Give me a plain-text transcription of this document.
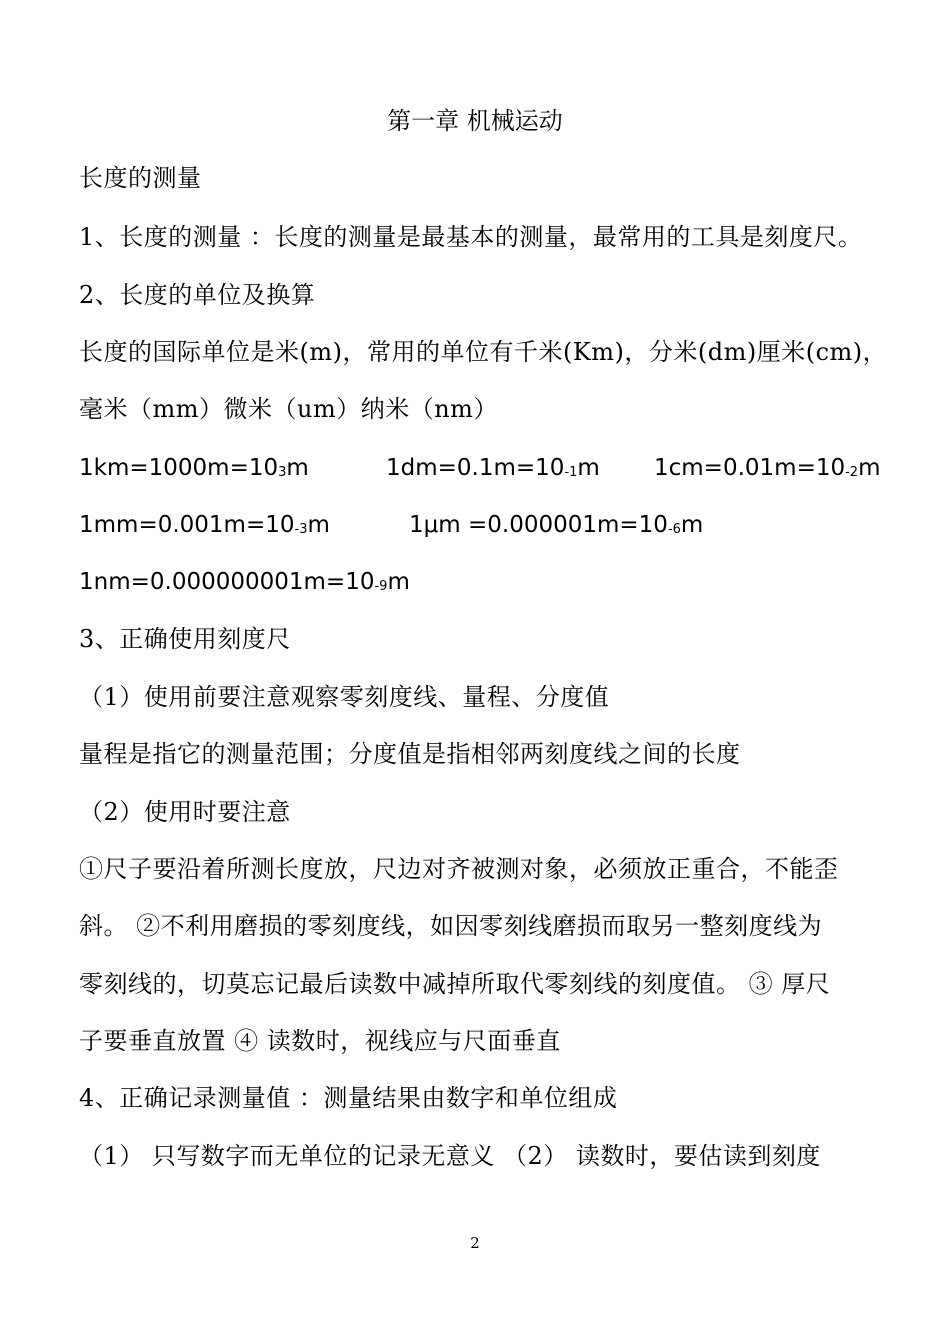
第一章 机械运动
长度的测量
1、长度的测量 ：长度的测量是最基本的测量，最常用的工具是刻度尺。
2、长度的单位及换算
长度的国际单位是米(m)，常用的单位有千米(Km)，分米(dm)厘米(cm)，
毫米（mm）微米（um）纳米（nm）
1km=1000m=103m	1dm=0.1m=10-1m 1cm=0.01m=10-2m
1mm=0.001m=10-3m	1μm =0.000001m=10-6m
1nm=0.000000001m=10-9m
3、正确使用刻度尺
（1）使用前要注意观察零刻度线、量程、分度值
量程是指它的测量范围；分度值是指相邻两刻度线之间的长度
（2）使用时要注意
①尺子要沿着所测长度放，尺边对齐被测对象，必须放正重合，不能歪
斜。 ②不利用磨损的零刻度线，如因零刻线磨损而取另一整刻度线为
零刻线的，切莫忘记最后读数中减掉所取代零刻线的刻度值。 ③ 厚尺
子要垂直放置 ④ 读数时，视线应与尺面垂直
4、正确记录测量值 ：测量结果由数字和单位组成
（1） 只写数字而无单位的记录无意义 （2） 读数时，要估读到刻度
2
